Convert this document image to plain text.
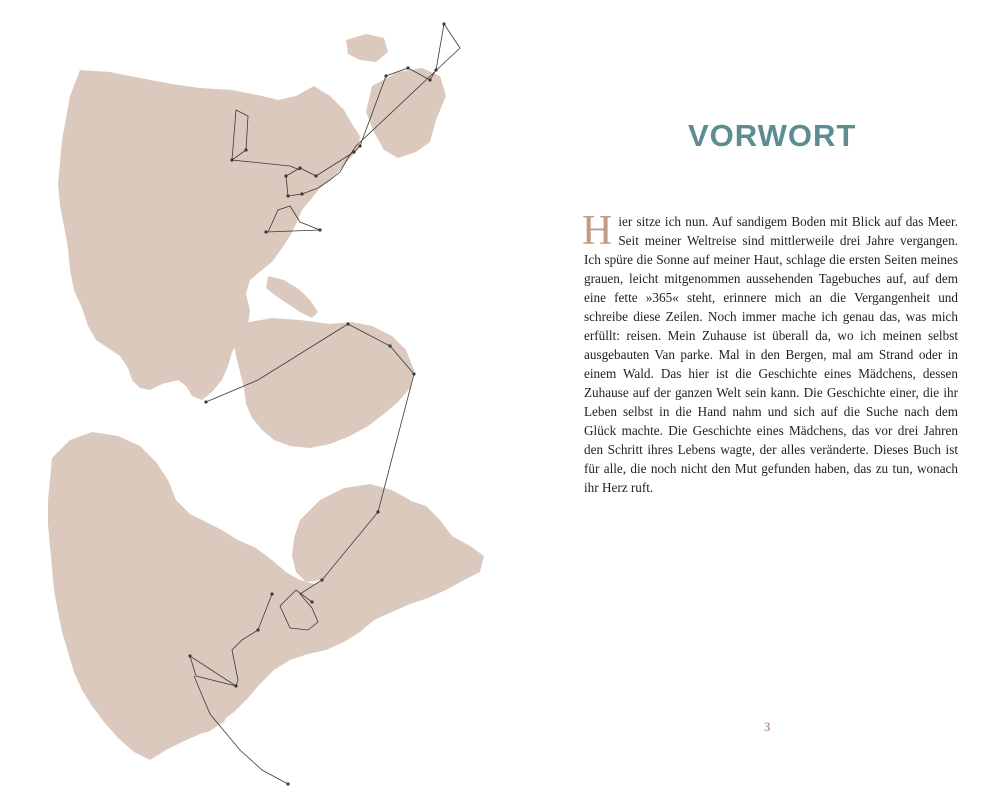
VORWORT

Hier sitze ich nun. Auf sandigem Boden mit Blick auf das Meer. Seit meiner Weltreise sind mittlerweile drei Jahre vergangen. Ich spüre die Sonne auf meiner Haut, schlage die ersten Seiten meines grauen, leicht mitgenommen aussehenden Tagebuches auf, auf dem eine fette »365« steht, erinnere mich an die Vergangenheit und schreibe diese Zeilen. Noch immer mache ich genau das, was mich erfüllt: reisen. Mein Zuhause ist überall da, wo ich meinen selbst ausgebauten Van parke. Mal in den Bergen, mal am Strand oder in einem Wald. Das hier ist die Geschichte eines Mädchens, dessen Zuhause auf der ganzen Welt sein kann. Die Geschichte einer, die ihr Leben selbst in die Hand nahm und sich auf die Suche nach dem Glück machte. Die Geschichte eines Mädchens, das vor drei Jahren den Schritt ihres Lebens wagte, der alles veränderte. Dieses Buch ist für alle, die noch nicht den Mut gefunden haben, das zu tun, wonach ihr Herz ruft.

3
